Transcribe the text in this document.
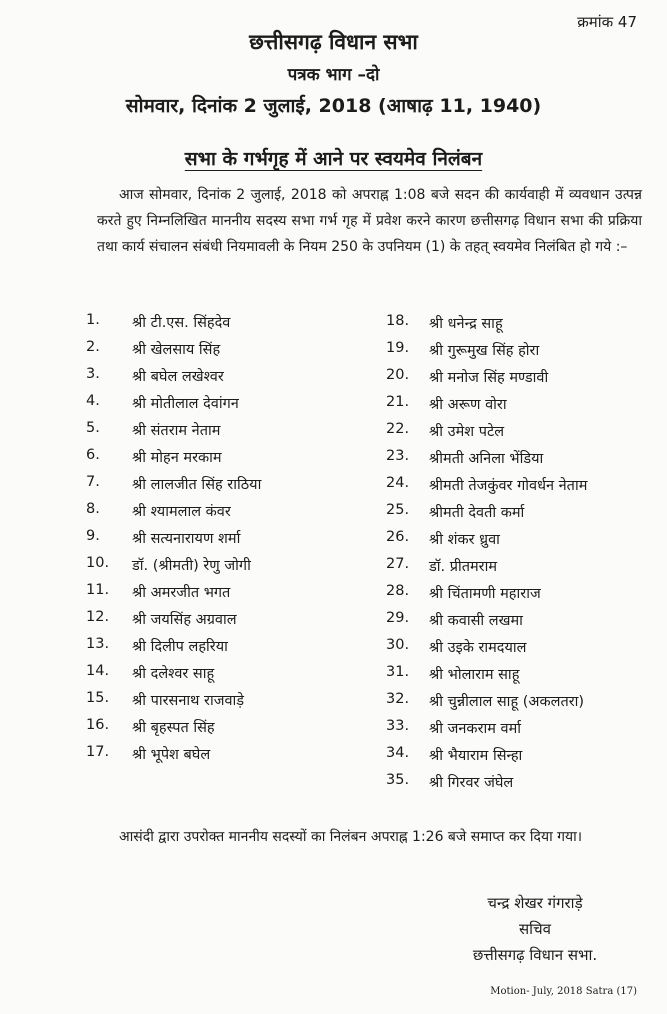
क्रमांक 47
छत्तीसगढ़ विधान सभा
पत्रक भाग –दो
सोमवार, दिनांक 2 जुलाई, 2018 (आषाढ़ 11, 1940)
सभा के गर्भगृह में आने पर स्वयमेव निलंबन
आज सोमवार, दिनांक 2 जुलाई, 2018 को अपराह्न 1:08 बजे सदन की कार्यवाही में व्यवधान उत्पन्न करते हुए निम्नलिखित माननीय सदस्य सभा गर्भ गृह में प्रवेश करने कारण छत्तीसगढ़ विधान सभा की प्रक्रिया तथा कार्य संचालन संबंधी नियमावली के नियम 250 के उपनियम (1) के तहत् स्वयमेव निलंबित हो गये :–
1.	श्री टी.एस. सिंहदेव
2.	श्री खेलसाय सिंह
3.	श्री बघेल लखेश्वर
4.	श्री मोतीलाल देवांगन
5.	श्री संतराम नेताम
6.	श्री मोहन मरकाम
7.	श्री लालजीत सिंह राठिया
8.	श्री श्यामलाल कंवर
9.	श्री सत्यनारायण शर्मा
10.	डॉ. (श्रीमती) रेणु जोगी
11.	श्री अमरजीत भगत
12.	श्री जयसिंह अग्रवाल
13.	श्री दिलीप लहरिया
14.	श्री दलेश्वर साहू
15.	श्री पारसनाथ राजवाड़े
16.	श्री बृहस्पत सिंह
17.	श्री भूपेश बघेल
18.	श्री धनेन्द्र साहू
19.	श्री गुरूमुख सिंह होरा
20.	श्री मनोज सिंह मण्डावी
21.	श्री अरूण वोरा
22.	श्री उमेश पटेल
23.	श्रीमती अनिला भेंडिया
24.	श्रीमती तेजकुंवर गोवर्धन नेताम
25.	श्रीमती देवती कर्मा
26.	श्री शंकर ध्रुवा
27.	डॉ. प्रीतमराम
28.	श्री चिंतामणी महाराज
29.	श्री कवासी लखमा
30.	श्री उइके रामदयाल
31.	श्री भोलाराम साहू
32.	श्री चुन्नीलाल साहू (अकलतरा)
33.	श्री जनकराम वर्मा
34.	श्री भैयाराम सिन्हा
35.	श्री गिरवर जंघेल
आसंदी द्वारा उपरोक्त माननीय सदस्यों का निलंबन अपराह्न 1:26 बजे समाप्त कर दिया गया।
चन्द्र शेखर गंगराड़े
सचिव
छत्तीसगढ़ विधान सभा.
Motion- July, 2018 Satra (17)
